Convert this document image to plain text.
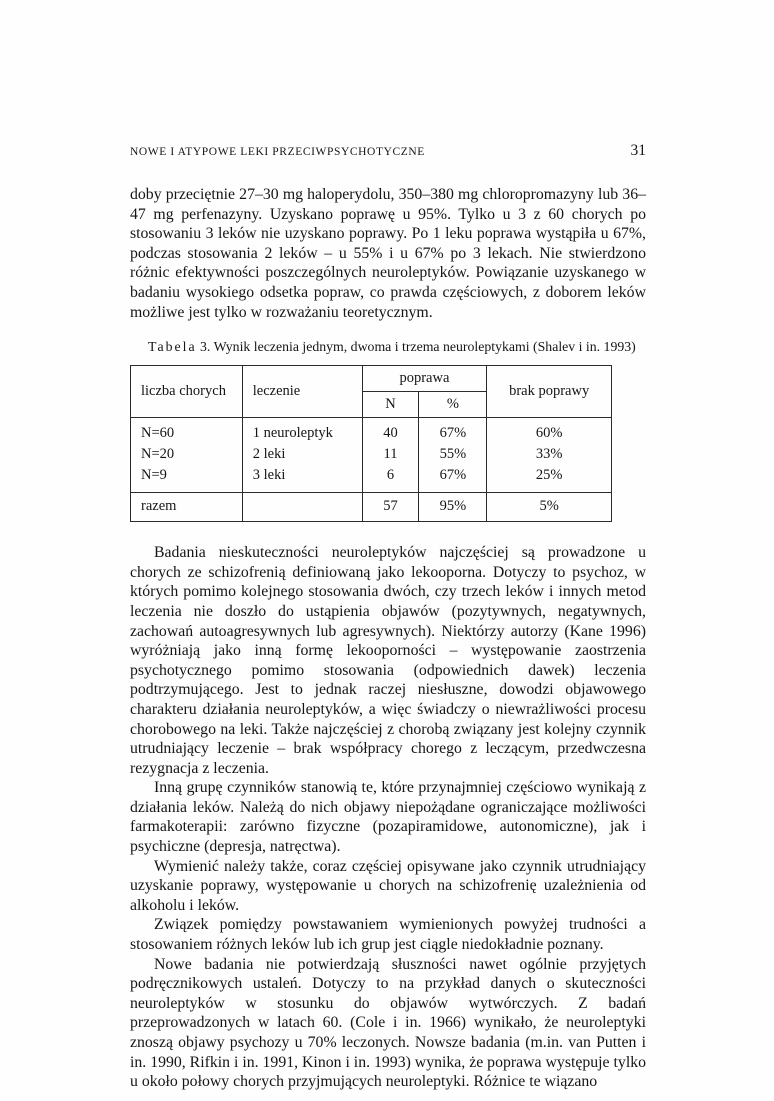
NOWE I ATYPOWE LEKI PRZECIWPSYCHOTYCZNE	31

doby przeciętnie 27–30 mg haloperydolu, 350–380 mg chloropromazyny lub 36–47 mg perfenazyny. Uzyskano poprawę u 95%. Tylko u 3 z 60 chorych po stosowaniu 3 leków nie uzyskano poprawy. Po 1 leku poprawa wystąpiła u 67%, podczas stosowania 2 leków – u 55% i u 67% po 3 lekach. Nie stwierdzono różnic efektywności poszczególnych neuroleptyków. Powiązanie uzyskanego w badaniu wysokiego odsetka popraw, co prawda częściowych, z doborem leków możliwe jest tylko w rozważaniu teoretycznym.

Tabela 3. Wynik leczenia jednym, dwoma i trzema neuroleptykami (Shalev i in. 1993)

liczba chorych	leczenie	poprawa		brak poprawy
		N	%	
N=60	1 neuroleptyk	40	67%	60%
N=20	2 leki	11	55%	33%
N=9	3 leki	6	67%	25%
razem		57	95%	5%

Badania nieskuteczności neuroleptyków najczęściej są prowadzone u chorych ze schizofrenią definiowaną jako lekooporna. Dotyczy to psychoz, w których pomimo kolejnego stosowania dwóch, czy trzech leków i innych metod leczenia nie doszło do ustąpienia objawów (pozytywnych, negatywnych, zachowań autoagresywnych lub agresywnych). Niektórzy autorzy (Kane 1996) wyróżniają jako inną formę lekooporności – występowanie zaostrzenia psychotycznego pomimo stosowania (odpowiednich dawek) leczenia podtrzymującego. Jest to jednak raczej niesłuszne, dowodzi objawowego charakteru działania neuroleptyków, a więc świadczy o niewrażliwości procesu chorobowego na leki. Także najczęściej z chorobą związany jest kolejny czynnik utrudniający leczenie – brak współpracy chorego z leczącym, przedwczesna rezygnacja z leczenia.

Inną grupę czynników stanowią te, które przynajmniej częściowo wynikają z działania leków. Należą do nich objawy niepożądane ograniczające możliwości farmakoterapii: zarówno fizyczne (pozapiramidowe, autonomiczne), jak i psychiczne (depresja, natręctwa).

Wymienić należy także, coraz częściej opisywane jako czynnik utrudniający uzyskanie poprawy, występowanie u chorych na schizofrenię uzależnienia od alkoholu i leków.

Związek pomiędzy powstawaniem wymienionych powyżej trudności a stosowaniem różnych leków lub ich grup jest ciągle niedokładnie poznany.

Nowe badania nie potwierdzają słuszności nawet ogólnie przyjętych podręcznikowych ustaleń. Dotyczy to na przykład danych o skuteczności neuroleptyków w stosunku do objawów wytwórczych. Z badań przeprowadzonych w latach 60. (Cole i in. 1966) wynikało, że neuroleptyki znoszą objawy psychozy u 70% leczonych. Nowsze badania (m.in. van Putten i in. 1990, Rifkin i in. 1991, Kinon i in. 1993) wynika, że poprawa występuje tylko u około połowy chorych przyjmujących neuroleptyki. Różnice te wiązano
